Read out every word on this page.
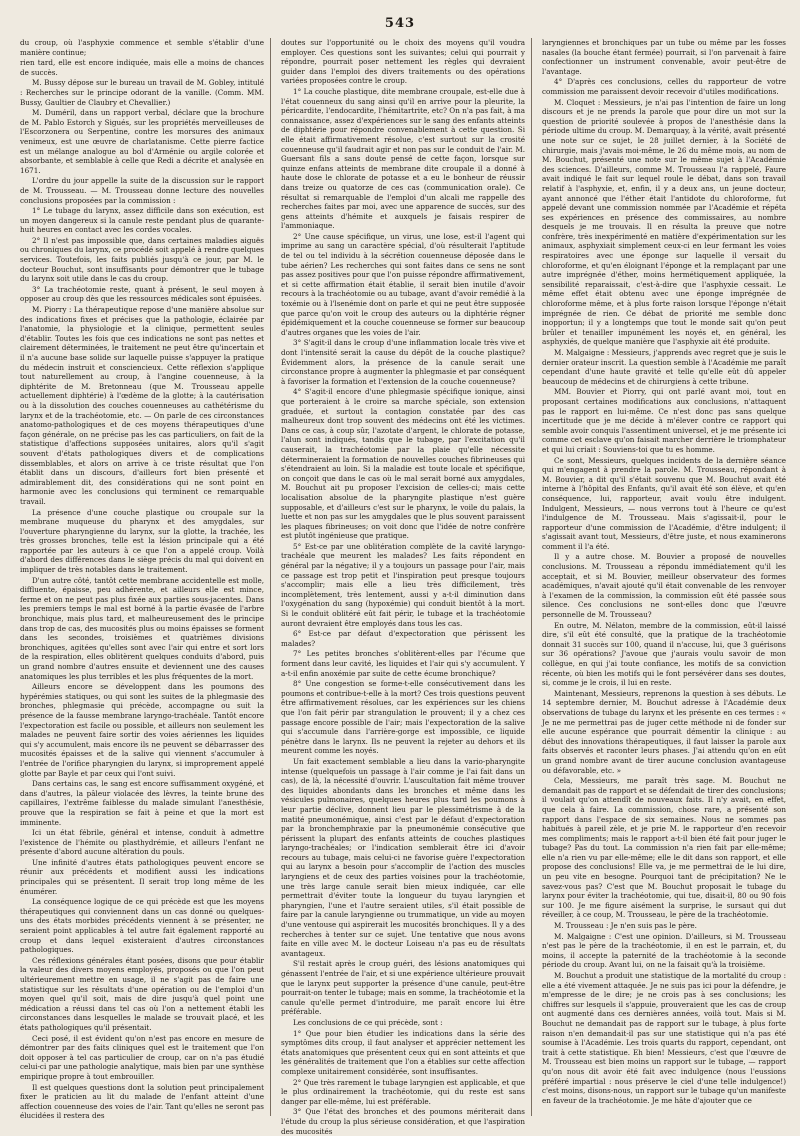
543

du croup, où l'asphyxie commence et semble s'établir d'une manière continue;

rien tard, elle est encore indiquée, mais elle a moins de chances de succès.

M. Bussy dépose sur le bureau un travail de M. Gobley, intitulé : Recherches sur le principe odorant de la vanille. (Comm. MM. Bussy, Gaultier de Claubry et Chevallier.)

M. Duméril, dans un rapport verbal, déclare que la brochure de M. Pablo Estorch y Sigués, sur les propriétés merveilleuses de l'Escorzonera ou Serpentine, contre les morsures des animaux venimeux, est une œuvre de charlatanisme. Cette pierre factice est un mélange analogue au bol d'Arménie ou argile colorée et absorbante, et semblable à celle que Redi a décrite et analysée en 1671.

L'ordre du jour appelle la suite de la discussion sur le rapport de M. Trousseau. — M. Trousseau donne lecture des nouvelles conclusions proposées par la commission :

1° Le tubage du larynx, assez difficile dans son exécution, est un moyen dangereux si la canule reste pendant plus de quarante-huit heures en contact avec les cordes vocales.

2° Il n'est pas impossible que, dans certaines maladies aiguës ou chroniques du larynx, ce procédé soit appelé à rendre quelques services. Toutefois, les faits publiés jusqu'à ce jour, par M. le docteur Bouchut, sont insuffisants pour démontrer que le tubage du larynx soit utile dans le cas du croup.

3° La trachéotomie reste, quant à présent, le seul moyen à opposer au croup dès que les ressources médicales sont épuisées.

M. Piorry : La thérapeutique repose d'une manière absolue sur des indications fixes et précises que la pathologie, éclairée par l'anatomie, la physiologie et la clinique, permettent seules d'établir. Toutes les fois que ces indications ne sont pas nettes et clairement déterminées, le traitement ne peut être qu'incertain et il n'a aucune base solide sur laquelle puisse s'appuyer la pratique du médecin instruit et consciencieux. Cette réflexion s'applique tout naturellement au croup, à l'angine couenneuse, à la diphtérite de M. Bretonneau (que M. Trousseau appelle actuellement diphtérie) à l'œdème de la glotte; à la cautérisation ou à la dissolution des couches couenneuses au cathétérisme du larynx et de la trachéotomie, etc. — On parle de ces circonstances anatomo-pathologiques et de ces moyens thérapeutiques d'une façon générale, on ne précise pas les cas particuliers, on fait de la statistique d'affections supposées unitaires, alors qu'il s'agit souvent d'états pathologiques divers et de complications dissemblables, et alors on arrive à ce triste résultat que l'on établit dans un discours, d'ailleurs fort bien présenté et admirablement dit, des considérations qui ne sont point en harmonie avec les conclusions qui terminent ce remarquable travail.

La présence d'une couche plastique ou croupale sur la membrane muqueuse du pharynx et des amygdales, sur l'ouverture pharyngienne du larynx, sur la glotte, la trachée, les très grosses bronches, telle est la lésion principale qui a été rapportée par les auteurs à ce que l'on a appelé croup. Voilà d'abord des différences dans le siège précis du mal qui doivent en impliquer de très notables dans le traitement.

D'un autre côté, tantôt cette membrane accidentelle est molle, diffluente, épaisse, peu adhérente, et ailleurs elle est mince, ferme et on ne peut pas plus fixée aux parties sous-jacentes. Dans les premiers temps le mal est borné à la partie évasée de l'arbre bronchique, mais plus tard, et malheureusement des le principe dans trop de cas, des mucosités plus ou moins épaisses se forment dans les secondes, troisièmes et quatrièmes divisions bronchiques, agitées qu'elles sont avec l'air qui entre et sort lors de la respiration, elles oblitèrent quelques conduits d'abord, puis un grand nombre d'autres ensuite et deviennent une des causes anatomiques les plus terribles et les plus fréquentes de la mort.

Ailleurs encore se développent dans les poumons des hypérémies statiques, ou qui sont les suites de la phlegmasie des bronches, phlegmasie qui précède, accompagne ou suit la présence de la fausse membrane laryngo-trachéale. Tantôt encore l'expectoration est facile ou possible, et ailleurs non seulement les malades ne peuvent faire sortir des voies aériennes les liquides qui s'y accumulent, mais encore ils ne peuvent se débarrasser des mucosités épaisses et de la salive qui viennent s'accumuler à l'entrée de l'orifice pharyngien du larynx, si improprement appelé glotte par Bayle et par ceux qui l'ont suivi.

Dans certains cas, le sang est encore suffisamment oxygéné, et dans d'autres, la pâleur violacée des lèvres, la teinte brune des capillaires, l'extrême faiblesse du malade simulant l'anesthésie, prouve que la respiration se fait à peine et que la mort est imminente.

Ici un état fébrile, général et intense, conduit à admettre l'existence de l'hémite ou plasthydrémie, et ailleurs l'enfant ne présente d'abord aucune altération du pouls.

Une infinité d'autres états pathologiques peuvent encore se réunir aux précédents et modifient aussi les indications principales qui se présentent. Il serait trop long même de les énumérer.

La conséquence logique de ce qui précède est que les moyens thérapeutiques qui conviennent dans un cas donné ou quelques-uns des états morbides précédents viennent à se présenter, ne seraient point applicables à tel autre fait également rapporté au croup et dans lequel existeraient d'autres circonstances pathologiques.

Ces réflexions générales étant posées, disons que pour établir la valeur des divers moyens employés, proposés ou que l'on peut ultérieurement mettre en usage, il ne s'agit pas de faire une statistique sur les résultats d'une opération ou de l'emploi d'un moyen quel qu'il soit, mais de dire jusqu'à quel point une médication a réussi dans tel cas où l'on a nettement établi les circonstances dans lesquelles le malade se trouvait placé, et les états pathologiques qu'il présentait.

Ceci posé, il est évident qu'on n'est pas encore en mesure de démontrer par des faits cliniques quel est le traitement que l'on doit opposer à tel cas particulier de croup, car on n'a pas étudié celui-ci par une pathologie analytique, mais bien par une synthèse empirique propre à tout embrouiller.

Il est quelques questions dont la solution peut principalement fixer le praticien au lit du malade de l'enfant atteint d'une affection couenneuse des voies de l'air. Tant qu'elles ne seront pas élucidées il restera des

doutes sur l'opportunité ou le choix des moyens qu'il voudra employer. Ces questions sont les suivantes; celui qui pourrait y répondre, pourrait poser nettement les règles qui devraient guider dans l'emploi des divers traitements ou des opérations variées proposées contre le croup.

1° La couche plastique, dite membrane croupale, est-elle due à l'état couenneux du sang ainsi qu'il en arrive pour la pleurite, la péricardite, l'endocardite, l'hémitartrite, etc? On n'a pas fait, à ma connaissance, assez d'expériences sur le sang des enfants atteints de diphtérie pour répondre convenablement à cette question. Si elle était affirmativement résolue, c'est surtout sur la crosité couenneuse qu'il faudrait agir et non pas sur le conduit de l'air. M. Guersant fils a sans doute pensé de cette façon, lorsque sur quinze enfans atteints de membrane dite croupale il a donné à haute dose le chlorate de potasse et a eu le bonheur de réussir dans treize ou quatorze de ces cas (communication orale). Ce résultat si remarquable de l'emploi d'un alcali me rappelle des recherches faites par moi, avec une apparence de succès, sur des gens atteints d'hémite et auxquels je faisais respirer de l'ammoniaque.

2° Une cause spécifique, un virus, une lose, est-il l'agent qui imprime au sang un caractère spécial, d'où résulterait l'aptitude de tel ou tel individu à la sécrétion couenneuse déposée dans le tube aérien? Les recherches qui sont faites dans ce sens ne sont pas assez positives pour que l'on puisse répondre affirmativement, et si cette affirmation était établie, il serait bien inutile d'avoir recours à la trachéotomie ou au tubage, avant d'avoir remédié à la toxémie ou à l'lsenémie dont on parle et qui ne peut être supposée que parce qu'on voit le croup des auteurs ou la diphtérie régner épidémiquement et la couche couenneuse se former sur beaucoup d'autres organes que les voies de l'air.

3° S'agit-il dans le croup d'une inflammation locale très vive et dont l'intensité serait la cause du dépôt de la couche plastique? Évidemment alors, la présence de la canule serait une circonstance propre à augmenter la phlegmasie et par conséquent à favoriser la formation et l'extension de la couche couenneuse?

4° S'agit-il encore d'une phlegmasie spécifique ionique, ainsi que porteraient à le croire sa marche spéciale, son extension graduée, et surtout la contagion constatée par des cas malheureux dont trop souvent des médecins ont été les victimes. Dans ce cas, à coup sûr, l'azotate d'argent, le chlorate de potasse, l'alun sont indiqués, tandis que le tubage, par l'excitation qu'il causerait, la trachéotomie par la plaie qu'elle nécessite détermineraient la formation de nouvelles couches fibrineuses qui s'étendraient au loin. Si la maladie est toute locale et spécifique, on conçoit que dans le cas où le mal serait borné aux amygdales, M. Bouchut ait pu proposer l'excision de celles-ci; mais cette localisation absolue de la pharyngite plastique n'est guère supposable, et d'ailleurs c'est sur le pharynx, le voile du palais, la luette et non pas sur les amygdales que le plus souvent paraissent les plaques fibrineuses; on voit donc que l'idée de notre confrère est plutôt ingénieuse que pratique.

5° Est-ce par une oblitération complète de la cavité laryngo-trachéale que meurent les malades? Les faits répondent en général par la négative; il y a toujours un passage pour l'air, mais ce passage est trop petit et l'inspiration peut presque toujours s'accomplir; mais elle a lieu très difficilement, très incomplètement, très lentement, aussi y a-t-il diminution dans l'oxygénation du sang (hypoxémie) qui conduit bientôt à la mort. Si le conduit oblitéré eût fait périr, le tubage et la trachéotomie auront devraient être employés dans tous les cas.

6° Est-ce par défaut d'expectoration que périssent les malades?

7° Les petites bronches s'oblitèrent-elles par l'écume que forment dans leur cavité, les liquides et l'air qui s'y accumulent. Y a-t-il enfin anoxémie par suite de cette écume bronchique?

8° Une congestion se forme-t-elle consécutivement dans les poumons et contribue-t-elle à la mort? Ces trois questions peuvent être affirmativement résolues, car les expériences sur les chiens que l'on fait périr par strangulation le prouvent; il y a chez ces passage encore possible de l'air; mais l'expectoration de la salive qui s'accumule dans l'arrière-gorge est impossible, ce liquide pénètre dans le larynx. Ils ne peuvent la rejeter au dehors et ils meurent comme les noyés.

Un fait exactement semblable a lieu dans la vario-pharyngite intense (quelquefois un passage à l'air comme je l'ai fait dans un cas), de là, la nécessité d'ouvrir. L'auscultation fait même trouver des liquides abondants dans les bronches et même dans les vésicules pulmonaires, quelques heures plus tard les poumons à leur partie déclive, donnent lieu par le plessimétrisme à de la matité pneumonémique, ainsi c'est par le défaut d'expectoration par la bronchemphraxie par la pneumonémie consécutive que périssent la plupart des enfants atteints de couches plastiques laryngo-trachéales; or l'indication semblerait être ici d'avoir recours au tubage, mais celui-ci ne favorise guère l'expectoration qui au larynx a besoin pour s'accomplir de l'action des muscles laryngiens et de ceux des parties voisines pour la trachéotomie, une très large canule serait bien mieux indiquée, car elle permettrait d'éviter toute la longueur du tuyau laryngien et pharyngien, l'une et l'autre seraient utiles, s'il était possible de faire par la canule laryngienne ou trummatique, un vide au moyen d'une ventouse qui aspirerait les mucosités bronchiques. Il y a des recherches à tenter sur ce sujet. Une tentative que nous avons faite en ville avec M. le docteur Loiseau n'a pas eu de résultats avantageux.

S'il restait après le croup guéri, des lésions anatomiques qui génassent l'entrée de l'air, et si une expérience ultérieure prouvait que le larynx peut supporter la présence d'une canule, peut-être pourrait-on tenter le tubage; mais en somme, la trachéotomie et la canule qu'elle permet d'introduire, me paraît encore lui être préférable.

Les conclusions de ce qui précède, sont :

1° Que pour bien étudier les indications dans la série des symptômes dits croup, il faut analyser et apprécier nettement les états anatomiques que présentent ceux qui en sont atteints et que les généralités de traitement que l'on a établies sur cette affection complexe unitairement considérée, sont insuffisantes.

2° Que très rarement le tubage laryngien est applicable, et que le plus ordinairement la trachéotomie, qui du reste est sans danger par elle-même, lui est préférable.

3° Que l'état des bronches et des poumons mériterait dans l'étude du croup la plus sérieuse considération, et que l'aspiration des mucosités

laryngiennes et bronchiques par un tube ou même par les fosses nasales (la bouche étant fermée) pourrait, si l'on parvenait à faire confectionner un instrument convenable, avoir peut-être de l'avantage.

4° D'après ces conclusions, celles du rapporteur de votre commission me paraissent devoir recevoir d'utiles modifications.

M. Cloquet : Messieurs, je n'ai pas l'intention de faire un long discours et je ne prends la parole que pour dire un mot sur la question de priorité soulevée à propos de l'anesthésie dans la période ultime du croup. M. Demarquay, à la vérité, avait présenté une note sur ce sujet, le 28 juillet dernier, à la Société de chirurgie, mais j'avais moi-même, le 26 du même mois, au nom de M. Bouchut, présenté une note sur le même sujet à l'Académie des sciences. D'ailleurs, comme M. Trousseau l'a rappelé, Faure avait indiqué le fait sur lequel roule le débat, dans son travail relatif à l'asphyxie, et, enfin, il y a deux ans, un jeune docteur, ayant annoncé que l'éther était l'antidote du chloroforme, fut appelé devant une commission nommée par l'Académie et répéta ses expériences en présence des commissaires, au nombre desquels je me trouvais. Il en résulta la preuve que notre confrère, très inexpérimenté en matière d'expérimentation sur les animaux, asphyxiait simplement ceux-ci en leur fermant les voies respiratoires avec une éponge sur laquelle il versait du chloroforme, et qu'en éloignant l'éponge et la remplaçant par une autre imprégnée d'éther, moins hermétiquement appliquée, la sensibilité reparaissait, c'est-à-dire que l'asphyxie cessait. Le même effet était obtenu avec une éponge imprégnée de chloroforme même, et à plus forte raison lorsque l'éponge n'était imprégnée de rien. Ce débat de priorité me semble donc inopportun; il y a longtemps que tout le monde sait qu'on peut brûler et tenailler impunément les noyés et, en général, les asphyxiés, de quelque manière que l'asphyxie ait été produite.

M. Malgaigne : Messieurs, j'apprends avec regret que je suis le dernier orateur inscrit. La question semble à l'Académie me paraît cependant d'une haute gravité et telle qu'elle eût dû appeler beaucoup de médecins et de chirurgiens à cette tribune.

MM. Bouvier et Piorry, qui ont parlé avant moi, tout en proposant certaines modifications aux conclusions, n'attaquent pas le rapport en lui-même. Ce n'est donc pas sans quelque incertitude que je me décide à m'élever contre ce rapport qui semble avoir conquis l'assentiment universel, et je me présente ici comme cet esclave qu'on faisait marcher derrière le triomphateur et qui lui criait : Souviens-toi que tu es homme.

Ce sont, Messieurs, quelques incidents de la dernière séance qui m'engagent à prendre la parole. M. Trousseau, répondant à M. Bouvier, a dit qu'il s'était souvenu que M. Bouchut avait été interne à l'hôpital des Enfants, qu'il avait été son élève, et qu'en conséquence, lui, rapporteur, avait voulu être indulgent. Indulgent, Messieurs, — nous verrons tout à l'heure ce qu'est l'indulgence de M. Trousseau. Mais s'agissait-il, pour le rapporteur d'une commission de l'Académie, d'être indulgent; il s'agissait avant tout, Messieurs, d'être juste, et nous examinerons comment il l'a été.

Il y a autre chose. M. Bouvier a proposé de nouvelles conclusions. M. Trousseau a répondu immédiatement qu'il les acceptait, et si M. Bouvier, meilleur observateur des formes académiques, n'avait ajouté qu'il était convenable de les renvoyer à l'examen de la commission, la commission eût été passée sous silence. Ces conclusions ne sont-elles donc que l'œuvre personnelle de M. Trousseau?

En outre, M. Nélaton, membre de la commission, eût-il laissé dire, s'il eût été consulté, que la pratique de la trachéotomie donnait 31 succès sur 100, quand il n'accuse, lui, que 3 guérisons sur 36 opérations? J'avoue que j'aurais voulu savoir de mon collègue, en qui j'ai toute confiance, les motifs de sa conviction récente, où bien les motifs qui le font persévérer dans ses doutes, si, comme je le crois, il lui en reste.

Maintenant, Messieurs, reprenons la question à ses débuts. Le 14 septembre dernier, M. Bouchut adresse à l'Académie deux observations de tubage du larynx et les présente en ces termes : « Je ne me permettrai pas de juger cette méthode ni de fonder sur elle aucune espérance que pourrait démentir la clinique : au début des innovations thérapeutiques, il faut laisser la parole aux faits observés et raconter leurs phases. J'ai attendu qu'on en eût un grand nombre avant de tirer aucune conclusion avantageuse ou défavorable, etc. »

Cela, Messieurs, me paraît très sage. M. Bouchut ne demandait pas de rapport et se défendait de tirer des conclusions; il voulait qu'on attendît de nouveaux faits. Il n'y avait, en effet, que cela à faire. La commission, chose rare, a présenté son rapport dans l'espace de six semaines. Nous ne sommes pas habitués à pareil zèle, et je prie M. le rapporteur d'en recevoir mes compliments; mais le rapport a-t-il bien été fait pour juger le tubage? Pas du tout. La commission n'a rien fait par elle-même; elle n'a rien vu par elle-même; elle le dit dans son rapport, et elle propose des conclusions! Elle va, je me permettrai de le lui dire, un peu vite en besogne. Pourquoi tant de précipitation? Ne le savez-vous pas? C'est que M. Bouchut proposait le tubage du larynx pour éviter la trachéotomie, qui tue, disait-il, 80 ou 90 fois sur 100. Je me figure aisément la surprise, le sursaut qui dut réveiller, à ce coup, M. Trousseau, le père de la trachéotomie.

M. Trousseau : Je n'en suis pas le père.

M. Malgaigne : C'est une opinion. D'ailleurs, si M. Trousseau n'est pas le père de la trachéotomie, il en est le parrain, et, du moins, il accepte la paternité de la trachéotomie à la seconde période du croup. Avant lui, on ne la faisait qu'à la troisième.

M. Bouchut a produit une statistique de la mortalité du croup : elle a été vivement attaquée. Je ne suis pas ici pour la défendre, je m'empresse de le dire; je ne crois pas à ses conclusions; les chiffres sur lesquels il s'appuie, prouveraient que les cas de croup ont augmenté dans ces dernières années, voilà tout. Mais si M. Bouchut ne demandait pas de rapport sur le tubage, à plus forte raison n'en demandait-il pas sur une statistique qui n'a pas été soumise à l'Académie. Les trois quarts du rapport, cependant, ont trait à cette statistique. Eh bien! Messieurs, c'est que l'œuvre de M. Trousseau est bien moins un rapport sur le tubage, — rapport qu'on nous dit avoir été fait avec indulgence (nous l'eussions préféré impartial : nous préserve le ciel d'une telle indulgence!) c'est moins, disons-nous, un rapport sur le tubage qu'un manifeste en faveur de la trachéotomie. Je me hâte d'ajouter que ce
